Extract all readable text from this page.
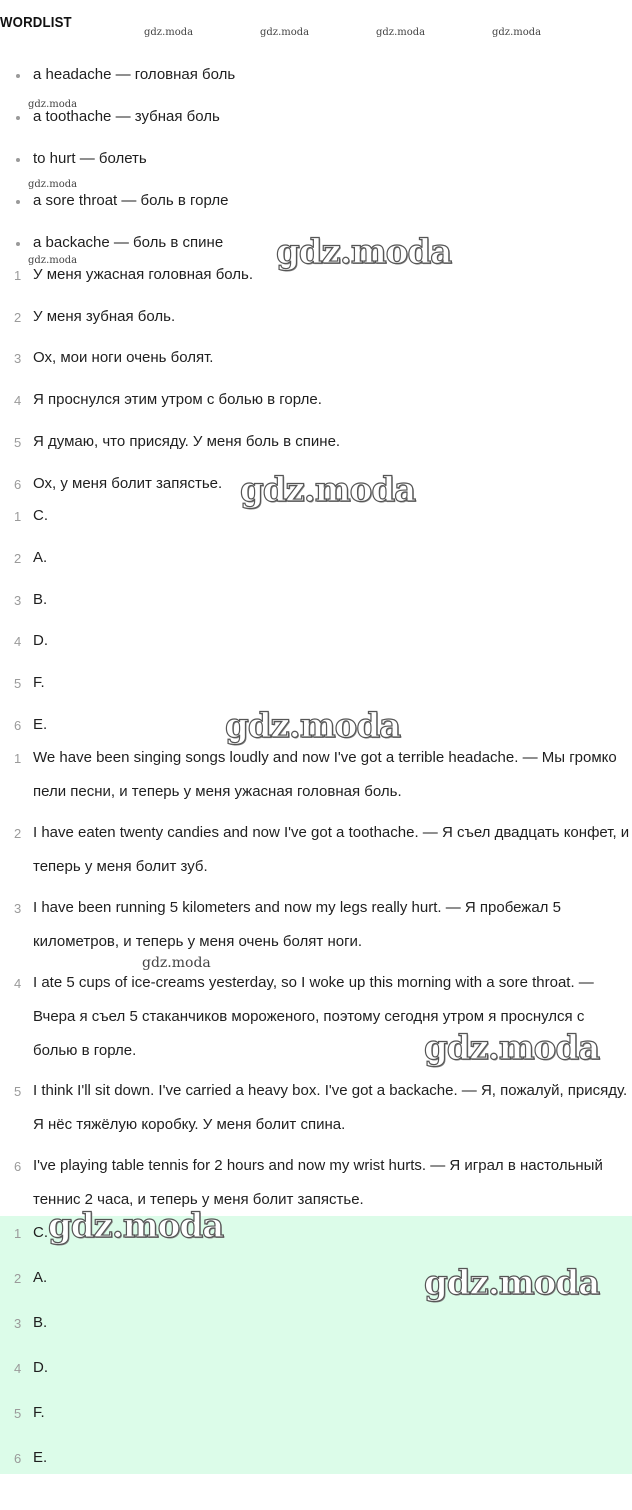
WORDLIST
gdz.moda	gdz.moda	gdz.moda	gdz.moda
gdz.moda
gdz.moda
gdz.moda
a headache — головная боль
a toothache — зубная боль
to hurt — болеть
a sore throat — боль в горле
a backache — боль в спине
1 У меня ужасная головная боль.
2 У меня зубная боль.
3 Ох, мои ноги очень болят.
4 Я проснулся этим утром с болью в горле.
5 Я думаю, что присяду. У меня боль в спине.
6 Ох, у меня болит запястье.
1 C.
2 A.
3 B.
4 D.
5 F.
6 E.
1 We have been singing songs loudly and now I've got a terrible headache. — Мы громко пели песни, и теперь у меня ужасная головная боль.
2 I have eaten twenty candies and now I've got a toothache. — Я съел двадцать конфет, и теперь у меня болит зуб.
3 I have been running 5 kilometers and now my legs really hurt. — Я пробежал 5 километров, и теперь у меня очень болят ноги.
4 I ate 5 cups of ice-creams yesterday, so I woke up this morning with a sore throat. — Вчера я съел 5 стаканчиков мороженого, поэтому сегодня утром я проснулся с болью в горле.
5 I think I'll sit down. I've carried a heavy box. I've got a backache. — Я, пожалуй, присяду. Я нёс тяжёлую коробку. У меня болит спина.
6 I've playing table tennis for 2 hours and now my wrist hurts. — Я играл в настольный теннис 2 часа, и теперь у меня болит запястье.
1 C.
2 A.
3 B.
4 D.
5 F.
6 E.
gdz.moda
gdz.moda
gdz.moda
gdz.moda
gdz.moda
gdz.moda
gdz.moda
